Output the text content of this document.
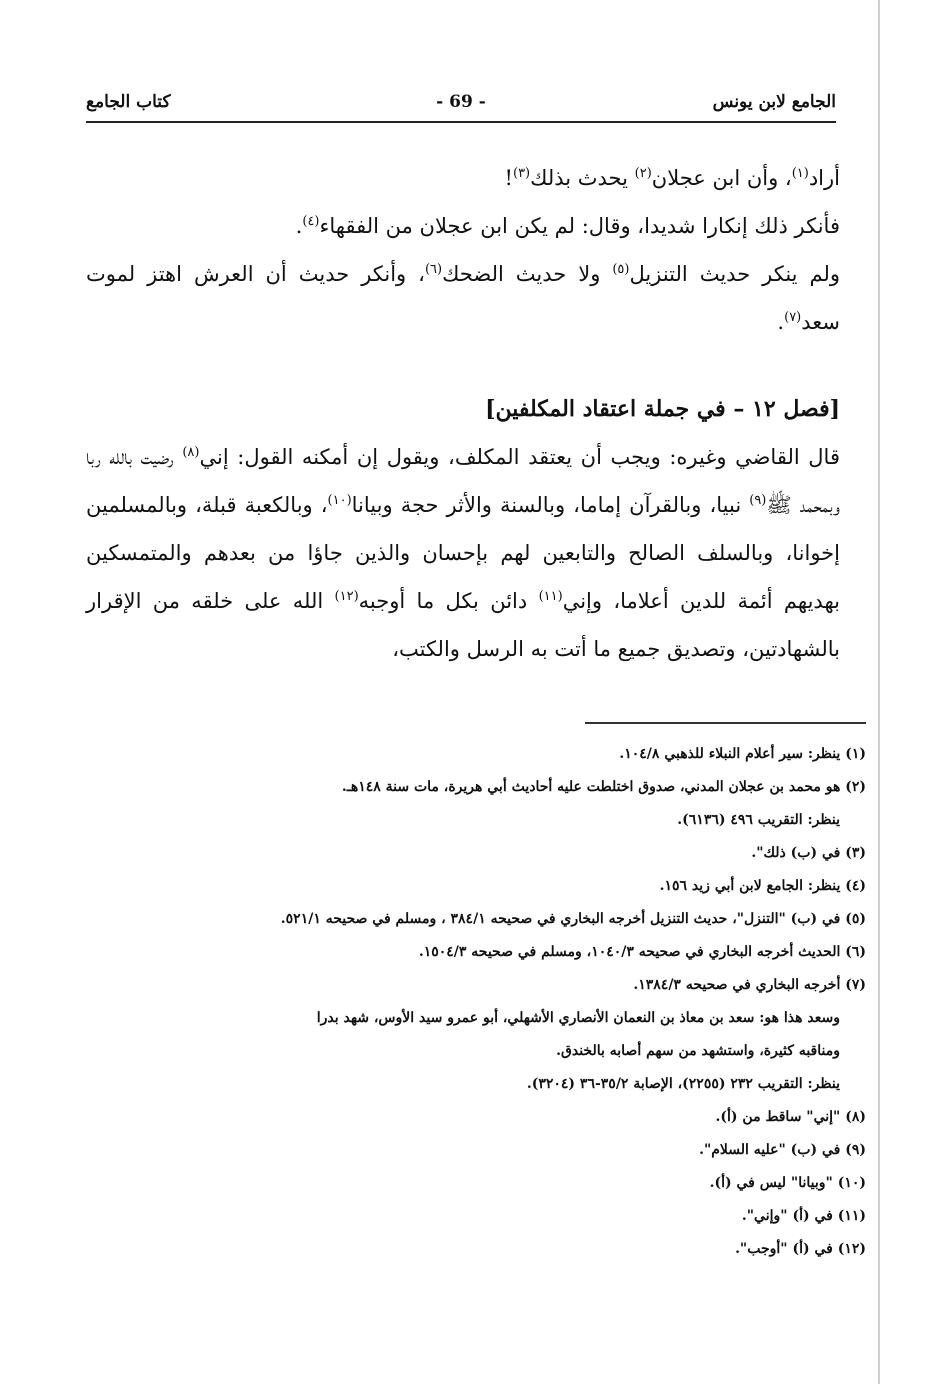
الجامع لابن يونس
- 69 -
كتاب الجامع

أراد$^{(١)}$، وأن ابن عجلان$^{(٢)}$ يحدث بذلك$^{(٣)}$!

فأنكر ذلك إنكارا شديدا، وقال: لم يكن ابن عجلان من الفقهاء$^{(٤)}$.

ولم ينكر حديث التنزيل$^{(٥)}$ ولا حديث الضحك$^{(٦)}$، وأنكر حديث أن العرش اهتز لموت سعد$^{(٧)}$.

[فصل ١٢ – في جملة اعتقاد المكلفين]

قال القاضي وغيره: ويجب أن يعتقد المكلف، ويقول إن أمكنه القول: إني$^{(٨)}$ رضيت بالله ربا وبمحمد ﷺ$^{(٩)}$ نبيا، وبالقرآن إماما، وبالسنة والأثر حجة وبيانا$^{(١٠)}$، وبالكعبة قبلة، وبالمسلمين إخوانا، وبالسلف الصالح والتابعين لهم بإحسان والذين جاؤا من بعدهم والمتمسكين بهديهم أئمة للدين أعلاما، وإني$^{(١١)}$ دائن بكل ما أوجبه$^{(١٢)}$ الله على خلقه من الإقرار بالشهادتين، وتصديق جميع ما أتت به الرسل والكتب،

(١) ينظر: سير أعلام النبلاء للذهبي ١٠٤/٨.

(٢) هو محمد بن عجلان المدني، صدوق اختلطت عليه أحاديث أبي هريرة، مات سنة ١٤٨هـ.

ينظر: التقريب ٤٩٦ (٦١٣٦).

(٣) في (ب) ذلك".

(٤) ينظر: الجامع لابن أبي زيد ١٥٦.

(٥) في (ب) "التنزل"، حديث التنزيل أخرجه البخاري في صحيحه ٣٨٤/١ ، ومسلم في صحيحه ٥٢١/١.

(٦) الحديث أخرجه البخاري في صحيحه ١٠٤٠/٣، ومسلم في صحيحه ١٥٠٤/٣.

(٧) أخرجه البخاري في صحيحه ١٣٨٤/٣.

وسعد هذا هو: سعد بن معاذ بن النعمان الأنصاري الأشهلي، أبو عمرو سيد الأوس، شهد بدرا

ومناقبه كثيرة، واستشهد من سهم أصابه بالخندق.

ينظر: التقريب ٢٣٢ (٢٢٥٥)، الإصابة ٣٥/٢-٣٦ (٣٢٠٤).

(٨) "إني" ساقط من (أ).

(٩) في (ب) "عليه السلام".

(١٠) "وبيانا" ليس في (أ).

(١١) في (أ) "وإني".

(١٢) في (أ) "أوجب".
